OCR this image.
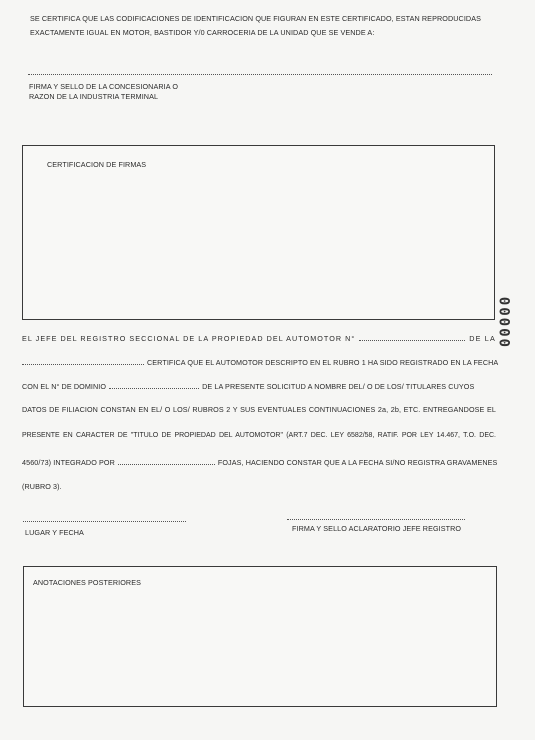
SE CERTIFICA QUE LAS CODIFICACIONES DE IDENTIFICACION QUE FIGURAN EN ESTE CERTIFICADO, ESTAN REPRODUCIDAS
EXACTAMENTE IGUAL EN MOTOR, BASTIDOR Y/0 CARROCERIA DE LA UNIDAD QUE SE VENDE A:
FIRMA Y SELLO DE LA CONCESIONARIA O
RAZON DE LA INDUSTRIA TERMINAL
CERTIFICACION DE FIRMAS
EL JEFE DEL REGISTRO SECCIONAL DE LA PROPIEDAD DEL AUTOMOTOR N°	DE LA
CERTIFICA QUE EL AUTOMOTOR DESCRIPTO EN EL RUBRO 1 HA SIDO REGISTRADO EN LA FECHA
CON EL N° DE DOMINIO	DE LA PRESENTE SOLICITUD A NOMBRE DEL/ O DE LOS/ TITULARES CUYOS
DATOS DE FILIACION CONSTAN EN EL/ O LOS/ RUBROS 2 Y SUS EVENTUALES CONTINUACIONES 2a, 2b, ETC. ENTREGANDOSE EL
PRESENTE EN CARACTER DE "TITULO DE PROPIEDAD DEL AUTOMOTOR" (ART.7 DEC. LEY 6582/58, RATIF. POR LEY 14.467, T.O. DEC.
4560/73) INTEGRADO POR	FOJAS, HACIENDO CONSTAR QUE A LA FECHA SI/NO REGISTRA GRAVAMENES
(RUBRO 3).
LUGAR Y FECHA	FIRMA Y SELLO ACLARATORIO JEFE REGISTRO
ANOTACIONES POSTERIORES
00000
